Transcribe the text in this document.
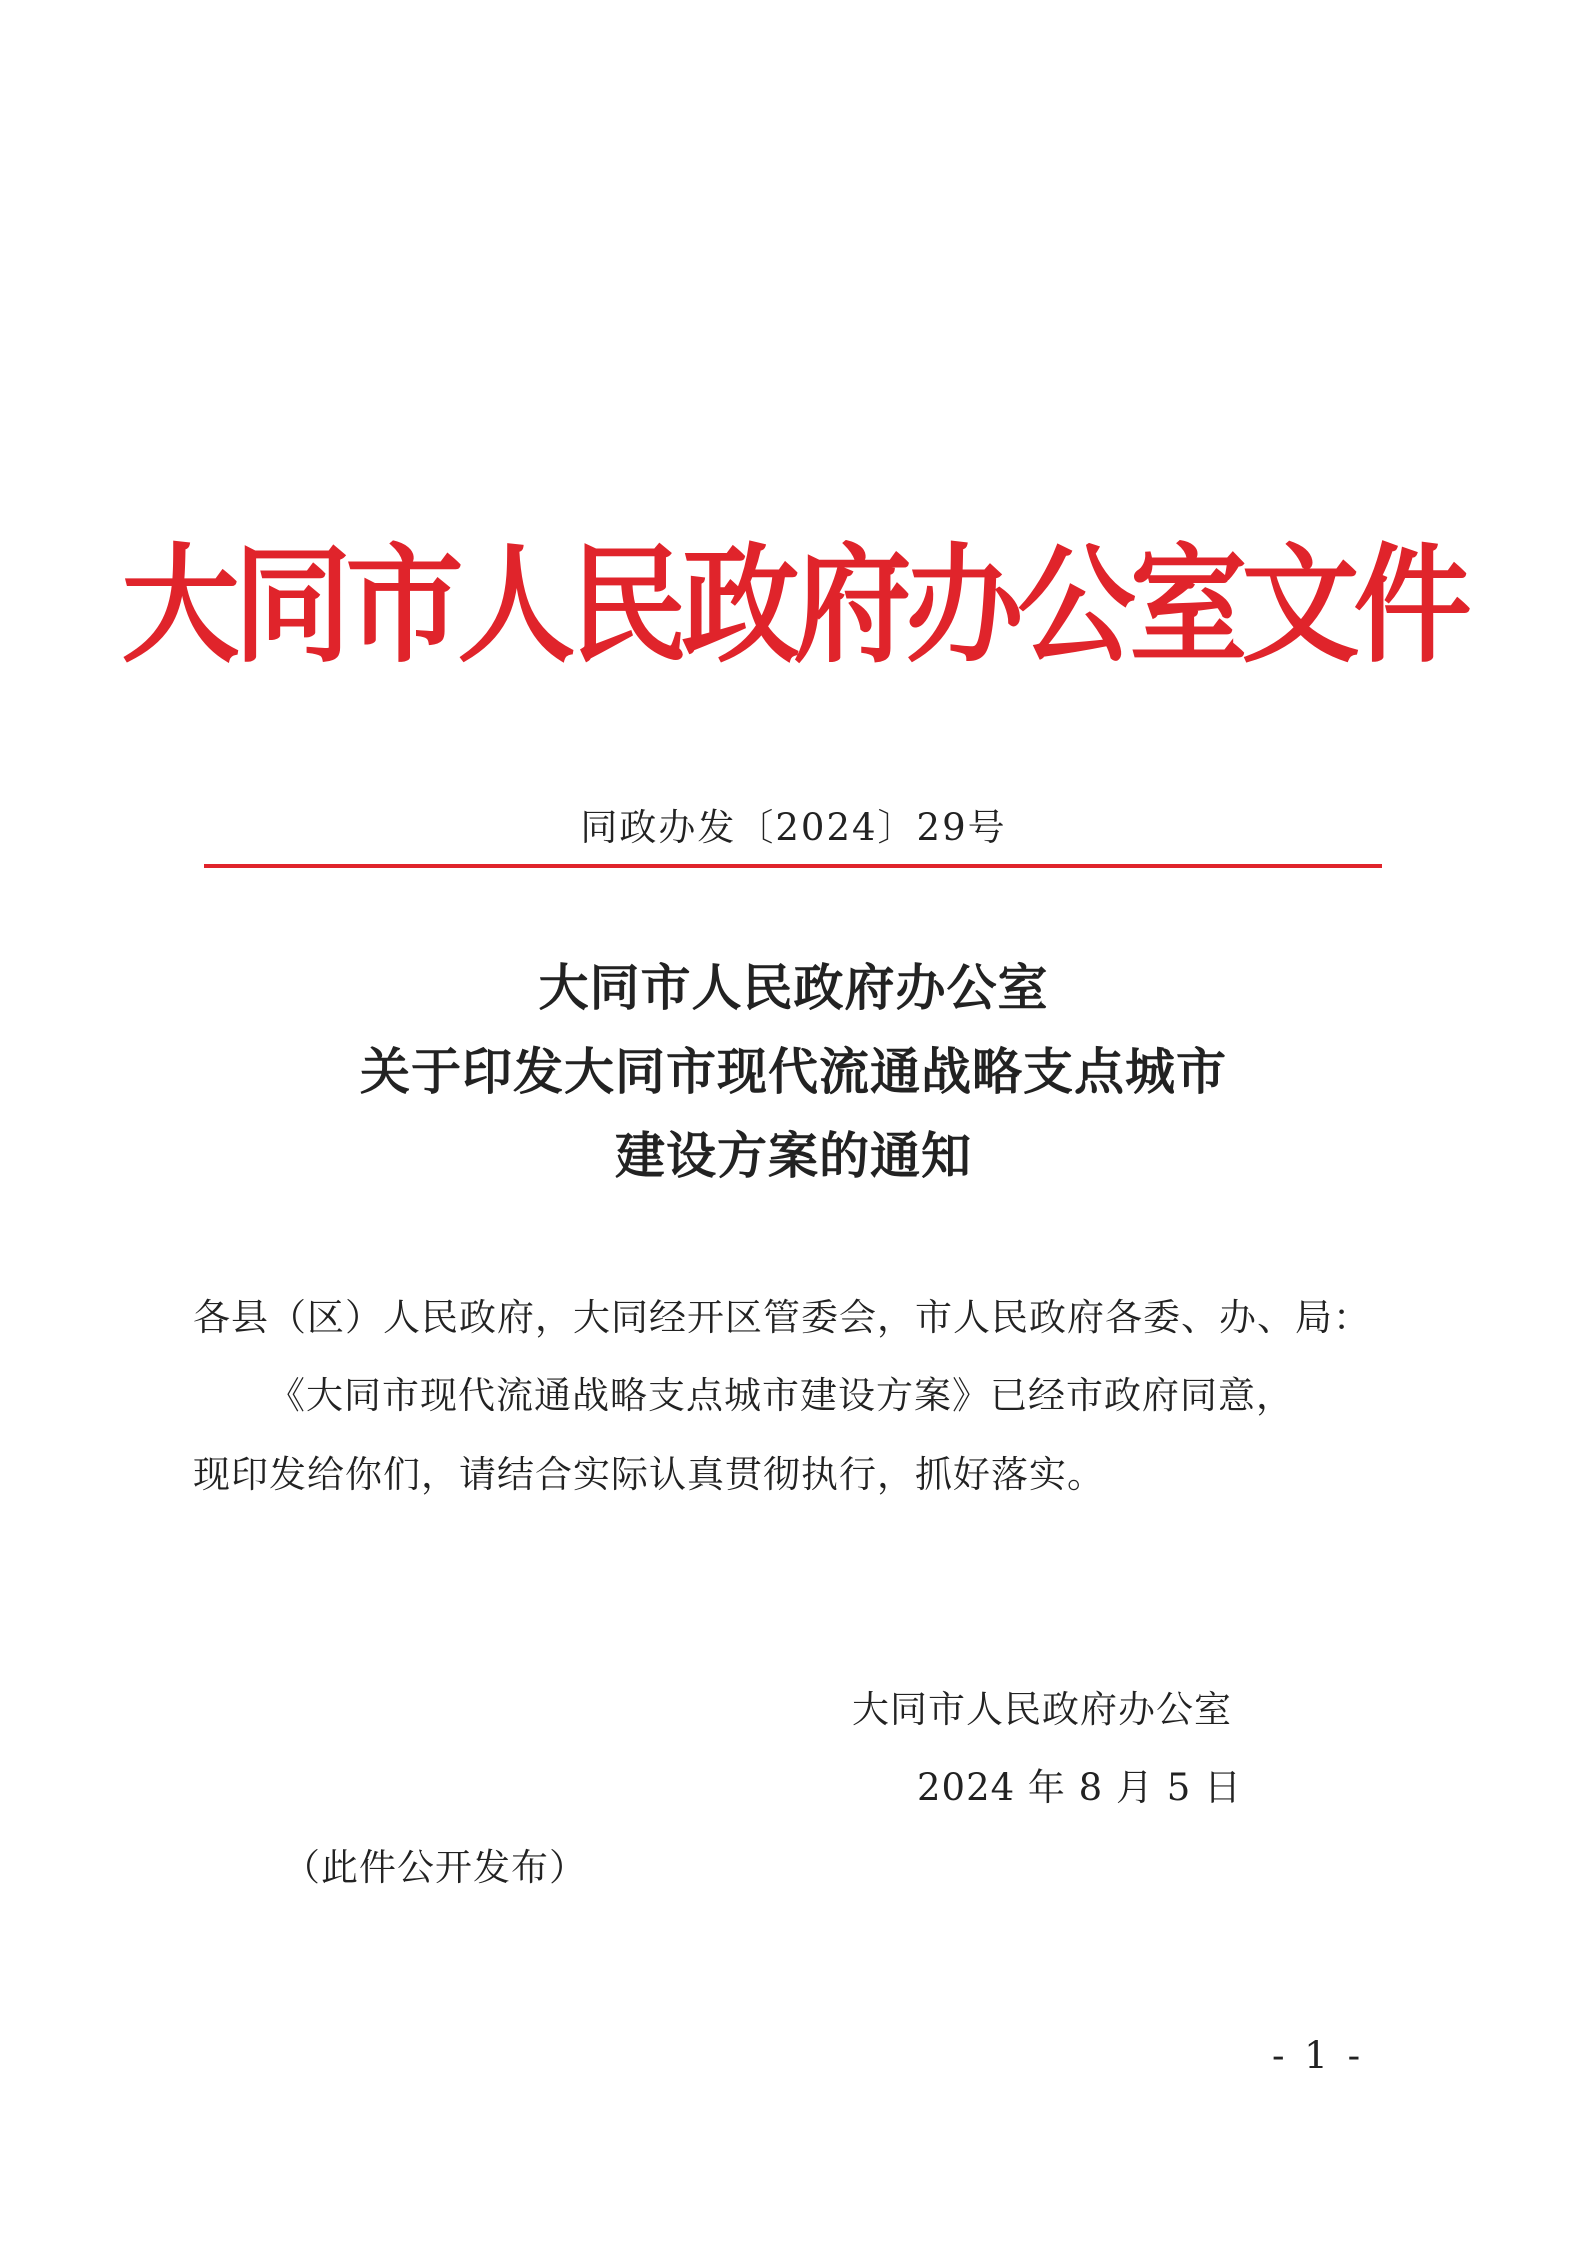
大同市人民政府办公室文件
同政办发〔2024〕29号
大同市人民政府办公室
关于印发大同市现代流通战略支点城市
建设方案的通知
各县（区）人民政府，大同经开区管委会，市人民政府各委、办、局：
《大同市现代流通战略支点城市建设方案》已经市政府同意，
现印发给你们，请结合实际认真贯彻执行，抓好落实。
大同市人民政府办公室
2024 年 8 月 5 日
（此件公开发布）
- 1 -
